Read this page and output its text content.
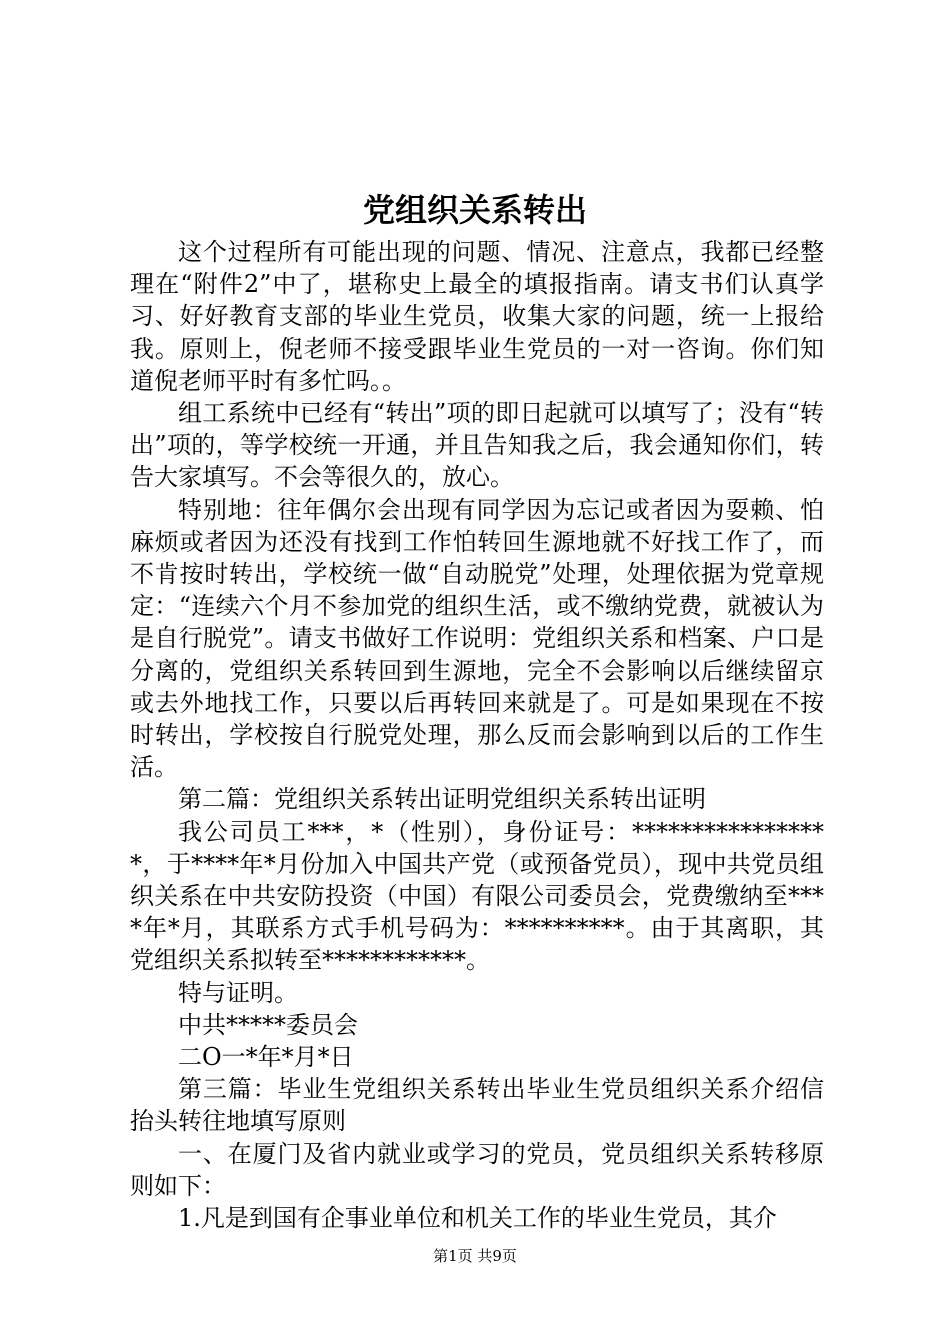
党组织关系转出

这个过程所有可能出现的问题、情况、注意点，我都已经整理在“附件2”中了，堪称史上最全的填报指南。请支书们认真学习、好好教育支部的毕业生党员，收集大家的问题，统一上报给我。原则上，倪老师不接受跟毕业生党员的一对一咨询。你们知道倪老师平时有多忙吗。。

组工系统中已经有“转出”项的即日起就可以填写了；没有“转出”项的，等学校统一开通，并且告知我之后，我会通知你们，转告大家填写。不会等很久的，放心。

特别地：往年偶尔会出现有同学因为忘记或者因为耍赖、怕麻烦或者因为还没有找到工作怕转回生源地就不好找工作了，而不肯按时转出，学校统一做“自动脱党”处理，处理依据为党章规定：“连续六个月不参加党的组织生活，或不缴纳党费，就被认为是自行脱党”。请支书做好工作说明：党组织关系和档案、户口是分离的，党组织关系转回到生源地，完全不会影响以后继续留京或去外地找工作，只要以后再转回来就是了。可是如果现在不按时转出，学校按自行脱党处理，那么反而会影响到以后的工作生活。

第二篇：党组织关系转出证明党组织关系转出证明

我公司员工***，*（性别），身份证号：*****************，于****年*月份加入中国共产党（或预备党员），现中共党员组织关系在中共安防投资（中国）有限公司委员会，党费缴纳至****年*月，其联系方式手机号码为：**********。由于其离职，其党组织关系拟转至************。

特与证明。

中共*****委员会

二O一*年*月*日

第三篇：毕业生党组织关系转出毕业生党员组织关系介绍信抬头转往地填写原则

一、在厦门及省内就业或学习的党员，党员组织关系转移原则如下：

1.凡是到国有企事业单位和机关工作的毕业生党员，其介

第1页 共9页
